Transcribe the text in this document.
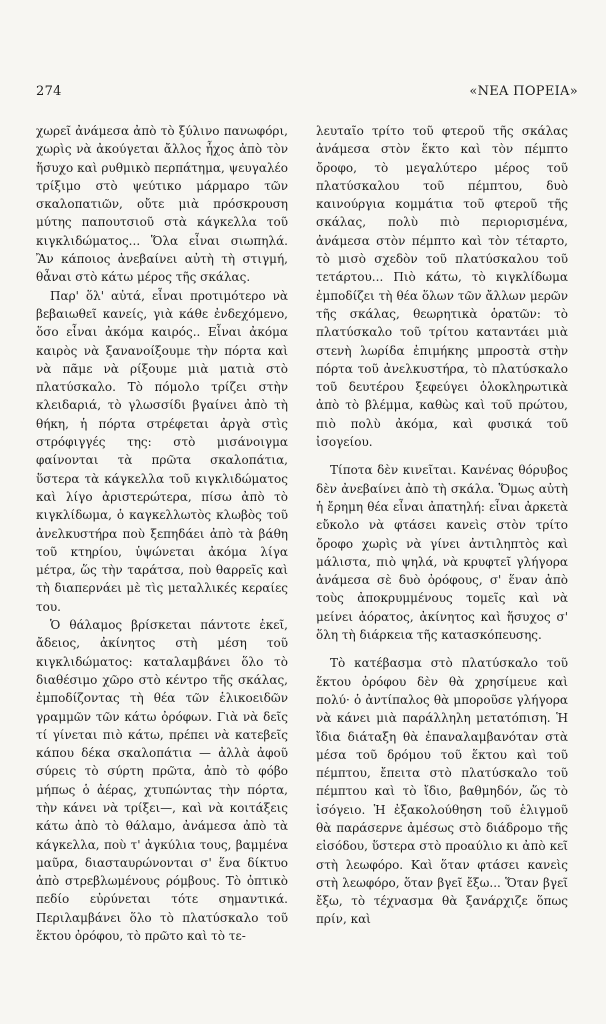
274	«ΝΕΑ ΠΟΡΕΙΑ»

χωρεῖ ἀνάμεσα ἀπὸ τὸ ξύλινο πανωφόρι, χωρὶς νὰ ἀκούγεται ἄλλος ἦχος ἀπὸ τὸν ἥσυχο καὶ ρυθμικὸ περπάτημα, ψευγαλέο τρίξιμο στὸ ψεύτικο μάρμαρο τῶν σκαλοπατιῶν, οὔτε μιὰ πρόσκρουση μύτης παπουτσιοῦ στὰ κάγκελλα τοῦ κιγκλιδώματος... Ὅλα εἶναι σιωπηλά. Ἂν κάποιος ἀνεβαίνει αὐτὴ τὴ στιγμή, θἆναι στὸ κάτω μέρος τῆς σκάλας.

Παρ' ὅλ' αὐτά, εἶναι προτιμότερο νὰ βεβαιωθεῖ κανείς, γιὰ κάθε ἐνδεχόμενο, ὅσο εἶναι ἀκόμα καιρός.. Εἶναι ἀκόμα καιρὸς νὰ ξανανοίξουμε τὴν πόρτα καὶ νὰ πᾶμε νὰ ρίξουμε μιὰ ματιὰ στὸ πλατύσκαλο. Τὸ πόμολο τρίζει στὴν κλειδαριά, τὸ γλωσσίδι βγαίνει ἀπὸ τὴ θήκη, ἡ πόρτα στρέφεται ἀργὰ στὶς στρόφιγγές της: στὸ μισάνοιγμα φαίνονται τὰ πρῶτα σκαλοπάτια, ὕστερα τὰ κάγκελλα τοῦ κιγκλιδώματος καὶ λίγο ἀριστερώτερα, πίσω ἀπὸ τὸ κιγκλίδωμα, ὁ καγκελλωτὸς κλωβὸς τοῦ ἀνελκυστήρα ποὺ ξεπηδάει ἀπὸ τὰ βάθη τοῦ κτηρίου, ὑψώνεται ἀκόμα λίγα μέτρα, ὥς τὴν ταράτσα, ποὺ θαρρεῖς καὶ τὴ διαπερνάει μὲ τὶς μεταλλικές κεραίες του.

Ὁ θάλαμος βρίσκεται πάντοτε ἐκεῖ, ἄδειος, ἀκίνητος στὴ μέση τοῦ κιγκλιδώματος: καταλαμβάνει ὅλο τὸ διαθέσιμο χῶρο στὸ κέντρο τῆς σκάλας, ἐμποδίζοντας τὴ θέα τῶν ἑλικοειδῶν γραμμῶν τῶν κάτω ὀρόφων. Γιὰ νὰ δεῖς τί γίνεται πιὸ κάτω, πρέπει νὰ κατεβεῖς κάπου δέκα σκαλοπάτια — ἀλλὰ ἀφοῦ σύρεις τὸ σύρτη πρῶτα, ἀπὸ τὸ φόβο μήπως ὁ ἀέρας, χτυπώντας τὴν πόρτα, τὴν κάνει νὰ τρίξει—, καὶ νὰ κοιτάξεις κάτω ἀπὸ τὸ θάλαμο, ἀνάμεσα ἀπὸ τὰ κάγκελλα, ποὺ τ' ἀγκύλια τους, βαμμένα μαῦρα, διασταυρώνονται σ' ἕνα δίκτυο ἀπὸ στρεβλωμένους ρόμβους. Τὸ ὀπτικὸ πεδίο εὐρύνεται τότε σημαντικά. Περιλαμβάνει ὅλο τὸ πλατύσκαλο τοῦ ἕκτου ὀρόφου, τὸ πρῶτο καὶ τὸ τε-

λευταῖο τρίτο τοῦ φτεροῦ τῆς σκάλας ἀνάμεσα στὸν ἕκτο καὶ τὸν πέμπτο ὄροφο, τὸ μεγαλύτερο μέρος τοῦ πλατύσκαλου τοῦ πέμπτου, δυὸ καινούργια κομμάτια τοῦ φτεροῦ τῆς σκάλας, πολὺ πιὸ περιορισμένα, ἀνάμεσα στὸν πέμπτο καὶ τὸν τέταρτο, τὸ μισὸ σχεδὸν τοῦ πλατύσκαλου τοῦ τετάρτου... Πιὸ κάτω, τὸ κιγκλίδωμα ἐμποδίζει τὴ θέα ὅλων τῶν ἄλλων μερῶν τῆς σκάλας, θεωρητικὰ ὁρατῶν: τὸ πλατύσκαλο τοῦ τρίτου καταντάει μιὰ στενὴ λωρίδα ἐπιμήκης μπροστὰ στὴν πόρτα τοῦ ἀνελκυστήρα, τὸ πλατύσκαλο τοῦ δευτέρου ξεφεύγει ὁλοκληρωτικὰ ἀπὸ τὸ βλέμμα, καθὼς καὶ τοῦ πρώτου, πιὸ πολὺ ἀκόμα, καὶ φυσικά τοῦ ἰσογείου.

Τίποτα δὲν κινεῖται. Κανένας θόρυβος δὲν ἀνεβαίνει ἀπὸ τὴ σκάλα. Ὅμως αὐτὴ ἡ ἔρημη θέα εἶναι ἀπατηλή: εἶναι ἀρκετὰ εὔκολο νὰ φτάσει κανεὶς στὸν τρίτο ὄροφο χωρὶς νὰ γίνει ἀντιληπτὸς καὶ μάλιστα, πιὸ ψηλά, νὰ κρυφτεῖ γλήγορα ἀνάμεσα σὲ δυὸ ὀρόφους, σ' ἕναν ἀπὸ τοὺς ἀποκρυμμένους τομεῖς καὶ νὰ μείνει ἀόρατος, ἀκίνητος καὶ ἥσυχος σ' ὅλη τὴ διάρκεια τῆς κατασκόπευσης.

Τὸ κατέβασμα στὸ πλατύσκαλο τοῦ ἕκτου ὀρόφου δὲν θὰ χρησίμευε καὶ πολύ· ὁ ἀντίπαλος θὰ μποροῦσε γλήγορα νὰ κάνει μιὰ παράλληλη μετατόπιση. Ἡ ἴδια διάταξη θὰ ἐπαναλαμβανόταν στὰ μέσα τοῦ δρόμου τοῦ ἕκτου καὶ τοῦ πέμπτου, ἔπειτα στὸ πλατύσκαλο τοῦ πέμπτου καὶ τὸ ἴδιο, βαθμηδόν, ὥς τὸ ἰσόγειο. Ἡ ἐξακολούθηση τοῦ ἑλιγμοῦ θὰ παράσερνε ἀμέσως στὸ διάδρομο τῆς εἰσόδου, ὕστερα στὸ προαύλιο κι ἀπὸ κεῖ στὴ λεωφόρο. Καὶ ὅταν φτάσει κανεὶς στὴ λεωφόρο, ὅταν βγεῖ ἔξω... Ὅταν βγεῖ ἔξω, τὸ τέχνασμα θὰ ξανάρχιζε ὅπως πρίν, καὶ
